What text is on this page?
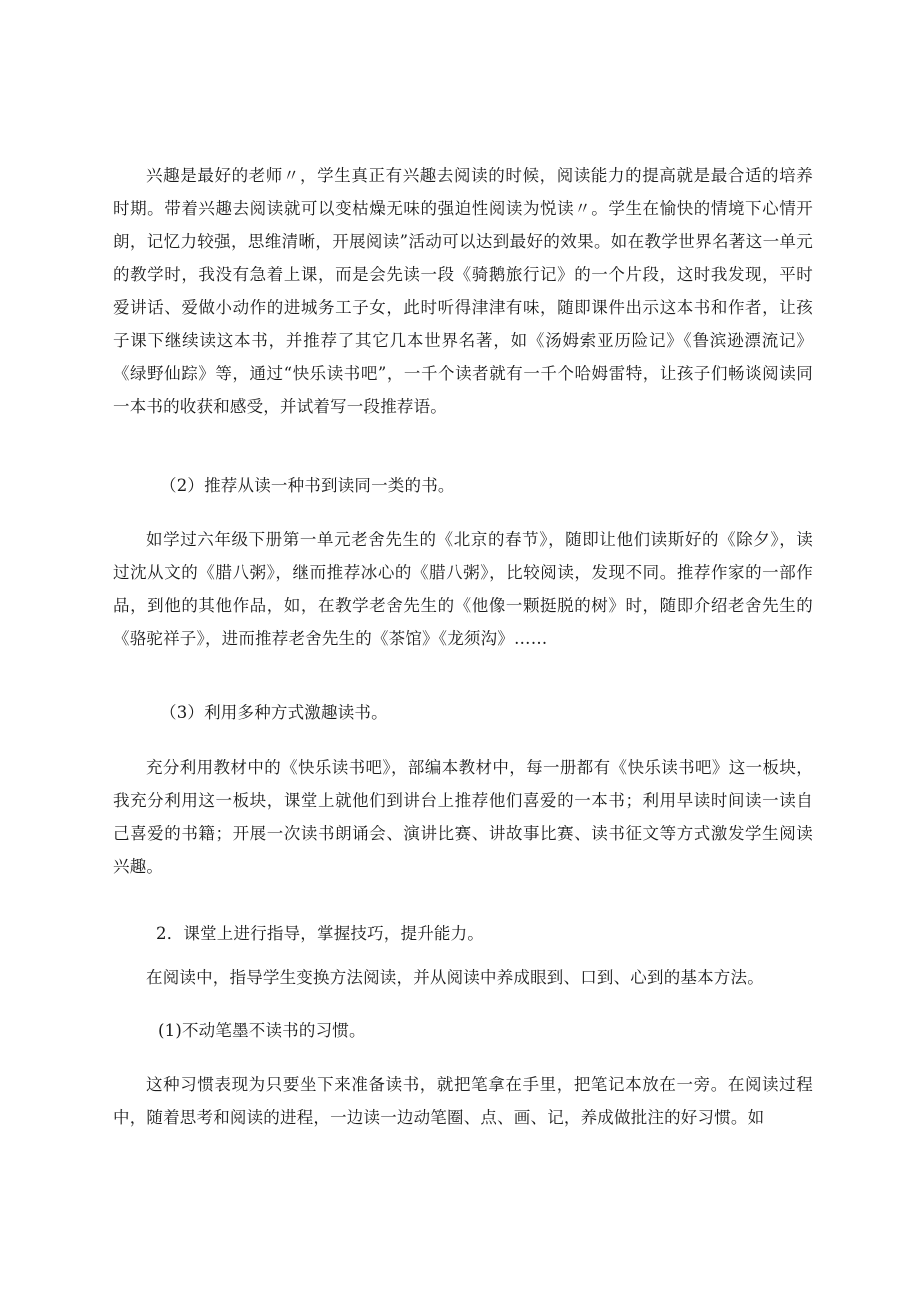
兴趣是最好的老师〃，学生真正有兴趣去阅读的时候，阅读能力的提高就是最合适的培养时期。带着兴趣去阅读就可以变枯燥无味的强迫性阅读为悦读〃。学生在愉快的情境下心情开朗，记忆力较强，思维清晰，开展阅读”活动可以达到最好的效果。如在教学世界名著这一单元的教学时，我没有急着上课，而是会先读一段《骑鹅旅行记》的一个片段，这时我发现，平时爱讲话、爱做小动作的进城务工子女，此时听得津津有味，随即课件出示这本书和作者，让孩子课下继续读这本书，并推荐了其它几本世界名著，如《汤姆索亚历险记》《鲁滨逊漂流记》《绿野仙踪》等，通过“快乐读书吧”，一千个读者就有一千个哈姆雷特，让孩子们畅谈阅读同一本书的收获和感受，并试着写一段推荐语。

（2）推荐从读一种书到读同一类的书。

如学过六年级下册第一单元老舍先生的《北京的春节》，随即让他们读斯好的《除夕》，读过沈从文的《腊八粥》，继而推荐冰心的《腊八粥》，比较阅读，发现不同。推荐作家的一部作品，到他的其他作品，如，在教学老舍先生的《他像一颗挺脱的树》时，随即介绍老舍先生的《骆驼祥子》，进而推荐老舍先生的《茶馆》《龙须沟》……

（3）利用多种方式激趣读书。

充分利用教材中的《快乐读书吧》，部编本教材中，每一册都有《快乐读书吧》这一板块，我充分利用这一板块，课堂上就他们到讲台上推荐他们喜爱的一本书；利用早读时间读一读自己喜爱的书籍；开展一次读书朗诵会、演讲比赛、讲故事比赛、读书征文等方式激发学生阅读兴趣。

2．课堂上进行指导，掌握技巧，提升能力。

在阅读中，指导学生变换方法阅读，并从阅读中养成眼到、口到、心到的基本方法。

(1)不动笔墨不读书的习惯。

这种习惯表现为只要坐下来准备读书，就把笔拿在手里，把笔记本放在一旁。在阅读过程中，随着思考和阅读的进程，一边读一边动笔圈、点、画、记，养成做批注的好习惯。如
